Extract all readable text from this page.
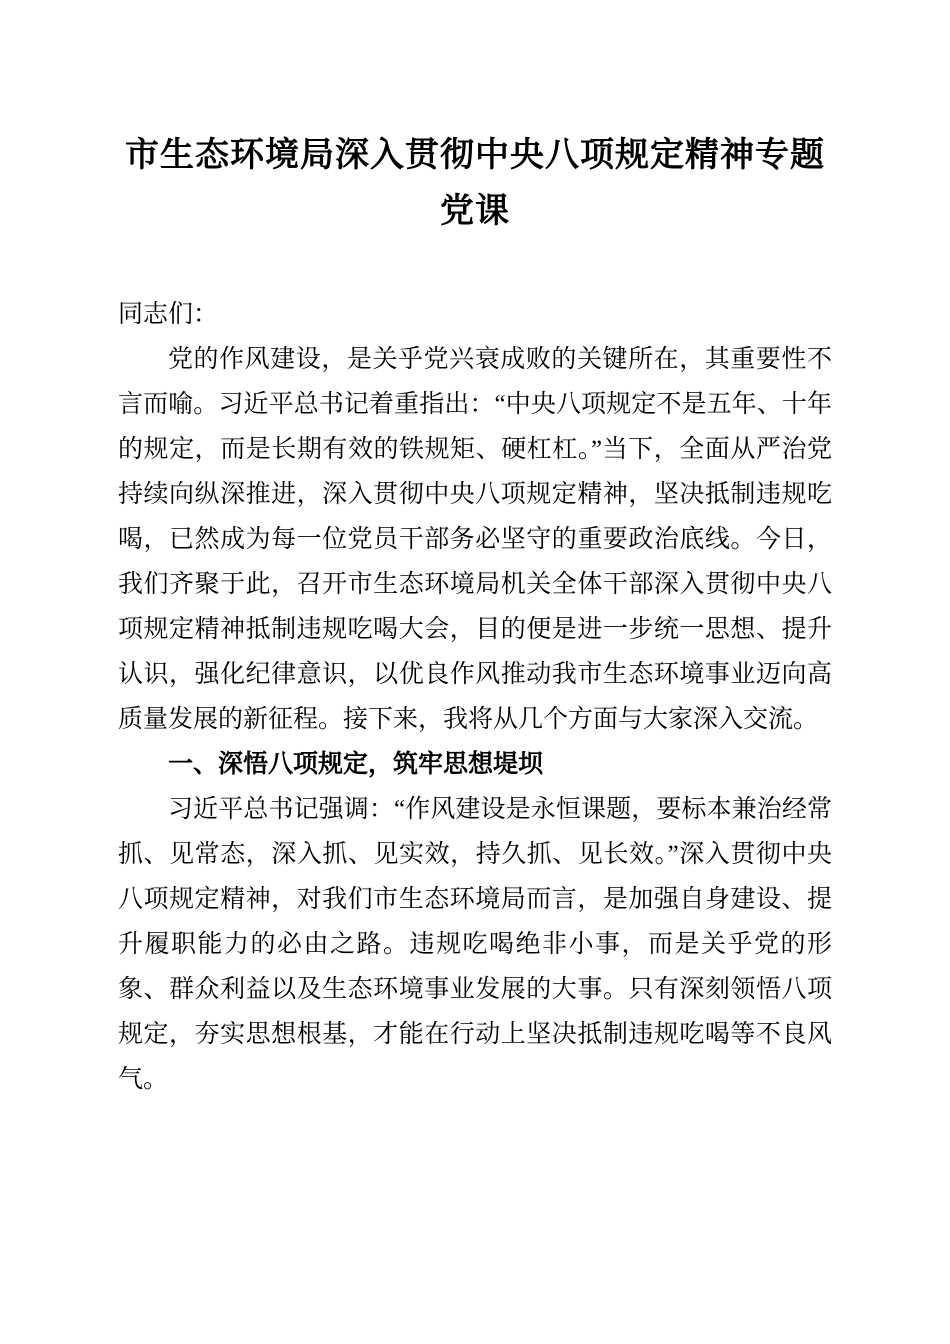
市生态环境局深入贯彻中央八项规定精神专题党课

同志们：

党的作风建设，是关乎党兴衰成败的关键所在，其重要性不言而喻。习近平总书记着重指出：“中央八项规定不是五年、十年的规定，而是长期有效的铁规矩、硬杠杠。”当下，全面从严治党持续向纵深推进，深入贯彻中央八项规定精神，坚决抵制违规吃喝，已然成为每一位党员干部务必坚守的重要政治底线。今日，我们齐聚于此，召开市生态环境局机关全体干部深入贯彻中央八项规定精神抵制违规吃喝大会，目的便是进一步统一思想、提升认识，强化纪律意识，以优良作风推动我市生态环境事业迈向高质量发展的新征程。接下来，我将从几个方面与大家深入交流。

一、深悟八项规定，筑牢思想堤坝

习近平总书记强调：“作风建设是永恒课题，要标本兼治经常抓、见常态，深入抓、见实效，持久抓、见长效。”深入贯彻中央八项规定精神，对我们市生态环境局而言，是加强自身建设、提升履职能力的必由之路。违规吃喝绝非小事，而是关乎党的形象、群众利益以及生态环境事业发展的大事。只有深刻领悟八项规定，夯实思想根基，才能在行动上坚决抵制违规吃喝等不良风气。
